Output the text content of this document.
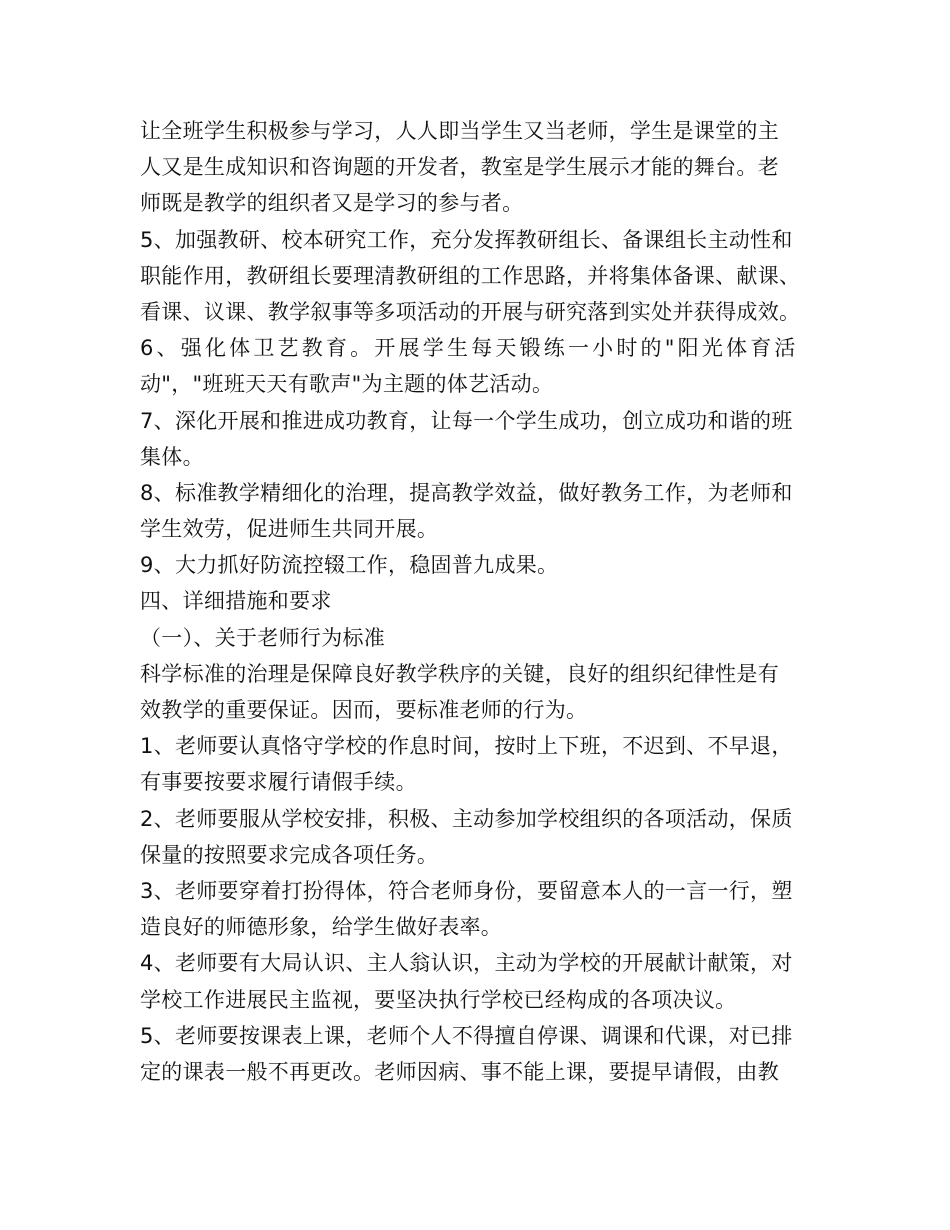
让全班学生积极参与学习，人人即当学生又当老师，学生是课堂的主
人又是生成知识和咨询题的开发者，教室是学生展示才能的舞台。老
师既是教学的组织者又是学习的参与者。
5、加强教研、校本研究工作，充分发挥教研组长、备课组长主动性和
职能作用，教研组长要理清教研组的工作思路，并将集体备课、献课、
看课、议课、教学叙事等多项活动的开展与研究落到实处并获得成效。
6、强化体卫艺教育。开展学生每天锻练一小时的"阳光体育活
动"，"班班天天有歌声"为主题的体艺活动。
7、深化开展和推进成功教育，让每一个学生成功，创立成功和谐的班
集体。
8、标准教学精细化的治理，提高教学效益，做好教务工作，为老师和
学生效劳，促进师生共同开展。
9、大力抓好防流控辍工作，稳固普九成果。
四、详细措施和要求
（一）、关于老师行为标准
科学标准的治理是保障良好教学秩序的关键，良好的组织纪律性是有
效教学的重要保证。因而，要标准老师的行为。
1、老师要认真恪守学校的作息时间，按时上下班，不迟到、不早退，
有事要按要求履行请假手续。
2、老师要服从学校安排，积极、主动参加学校组织的各项活动，保质
保量的按照要求完成各项任务。
3、老师要穿着打扮得体，符合老师身份，要留意本人的一言一行，塑
造良好的师德形象，给学生做好表率。
4、老师要有大局认识、主人翁认识，主动为学校的开展献计献策，对
学校工作进展民主监视，要坚决执行学校已经构成的各项决议。
5、老师要按课表上课，老师个人不得擅自停课、调课和代课，对已排
定的课表一般不再更改。老师因病、事不能上课，要提早请假，由教
